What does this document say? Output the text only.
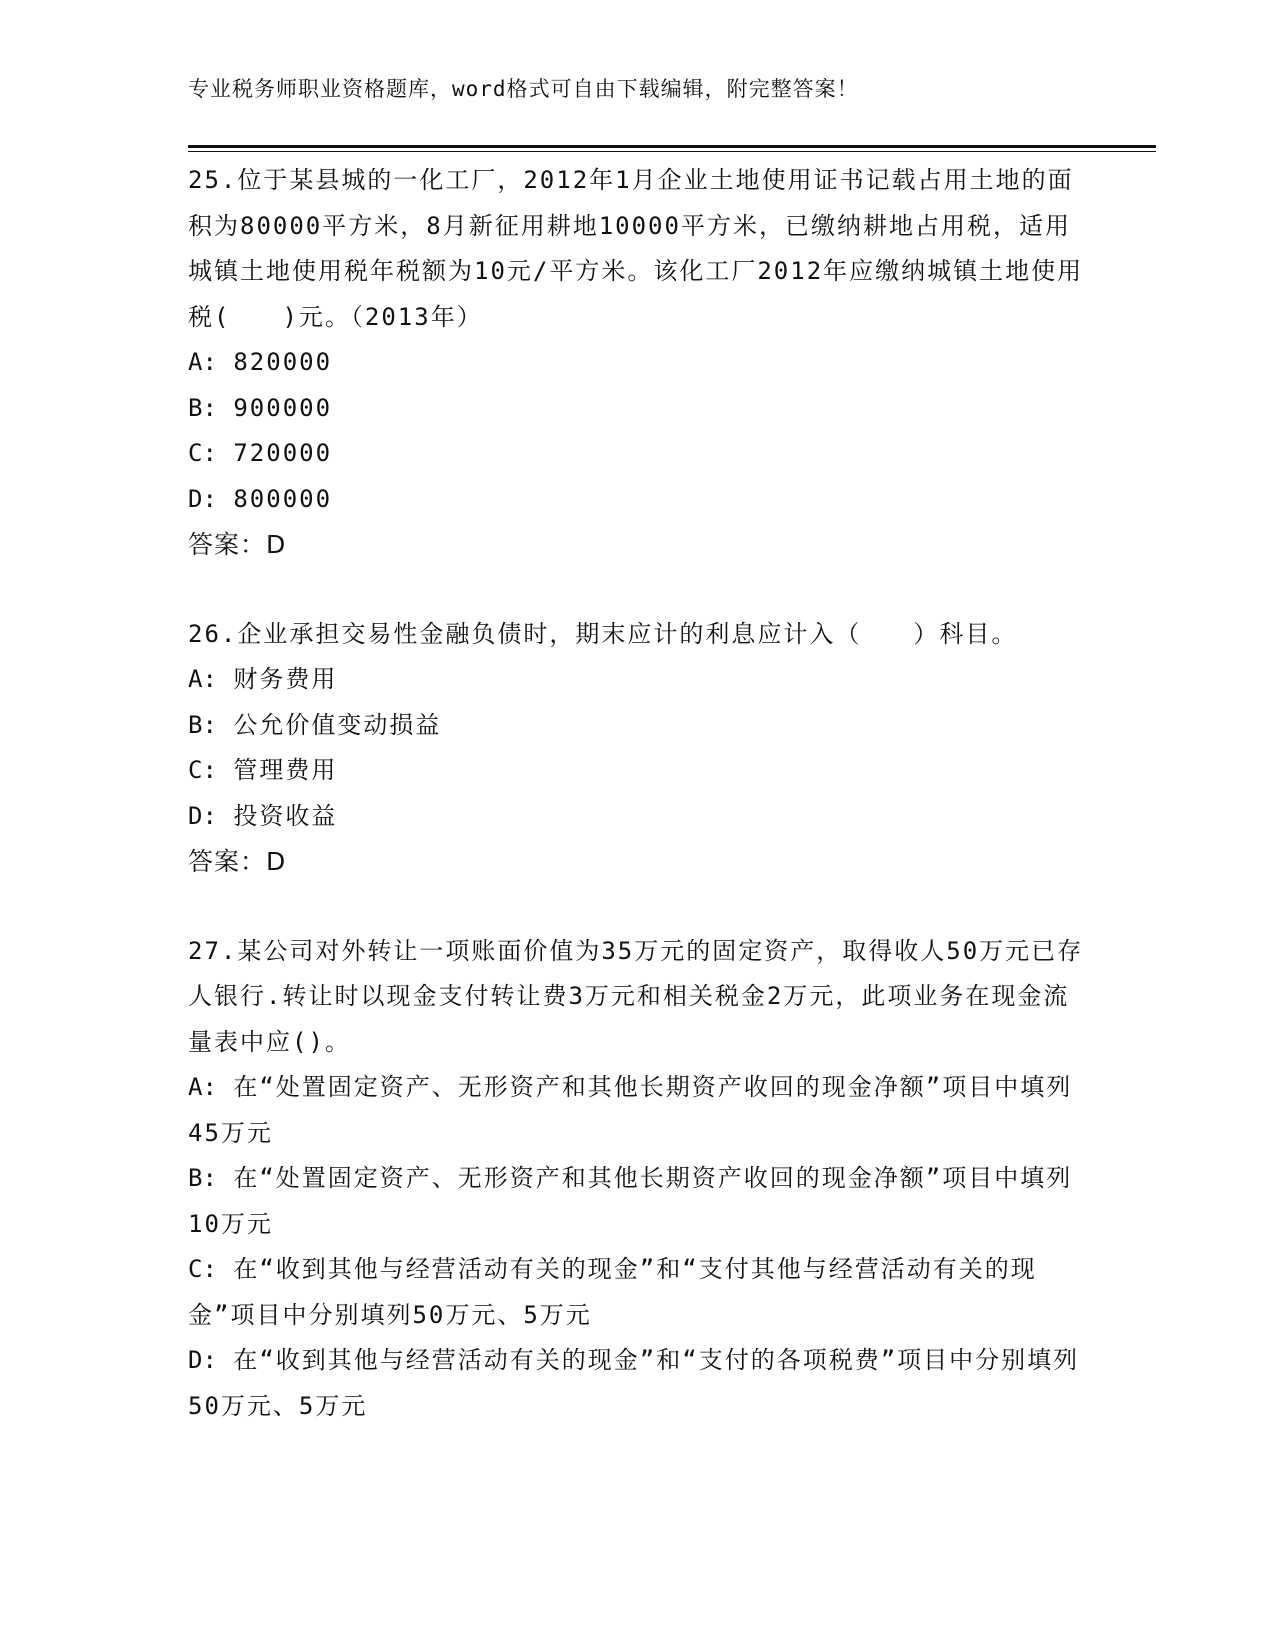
专业税务师职业资格题库，word格式可自由下载编辑，附完整答案！

25.位于某县城的一化工厂，2012年1月企业土地使用证书记载占用土地的面积为80000平方米，8月新征用耕地10000平方米，已缴纳耕地占用税，适用城镇土地使用税年税额为10元/平方米。该化工厂2012年应缴纳城镇土地使用税(　　)元。（2013年）

A: 820000
B: 900000
C: 720000
D: 800000

答案：D

26.企业承担交易性金融负债时，期末应计的利息应计入（　　）科目。

A: 财务费用
B: 公允价值变动损益
C: 管理费用
D: 投资收益

答案：D

27.某公司对外转让一项账面价值为35万元的固定资产，取得收人50万元已存人银行.转让时以现金支付转让费3万元和相关税金2万元，此项业务在现金流量表中应()。

A: 在“处置固定资产、无形资产和其他长期资产收回的现金净额”项目中填列45万元
B: 在“处置固定资产、无形资产和其他长期资产收回的现金净额”项目中填列10万元
C: 在“收到其他与经营活动有关的现金”和“支付其他与经营活动有关的现金”项目中分别填列50万元、5万元
D: 在“收到其他与经营活动有关的现金”和“支付的各项税费”项目中分别填列50万元、5万元
